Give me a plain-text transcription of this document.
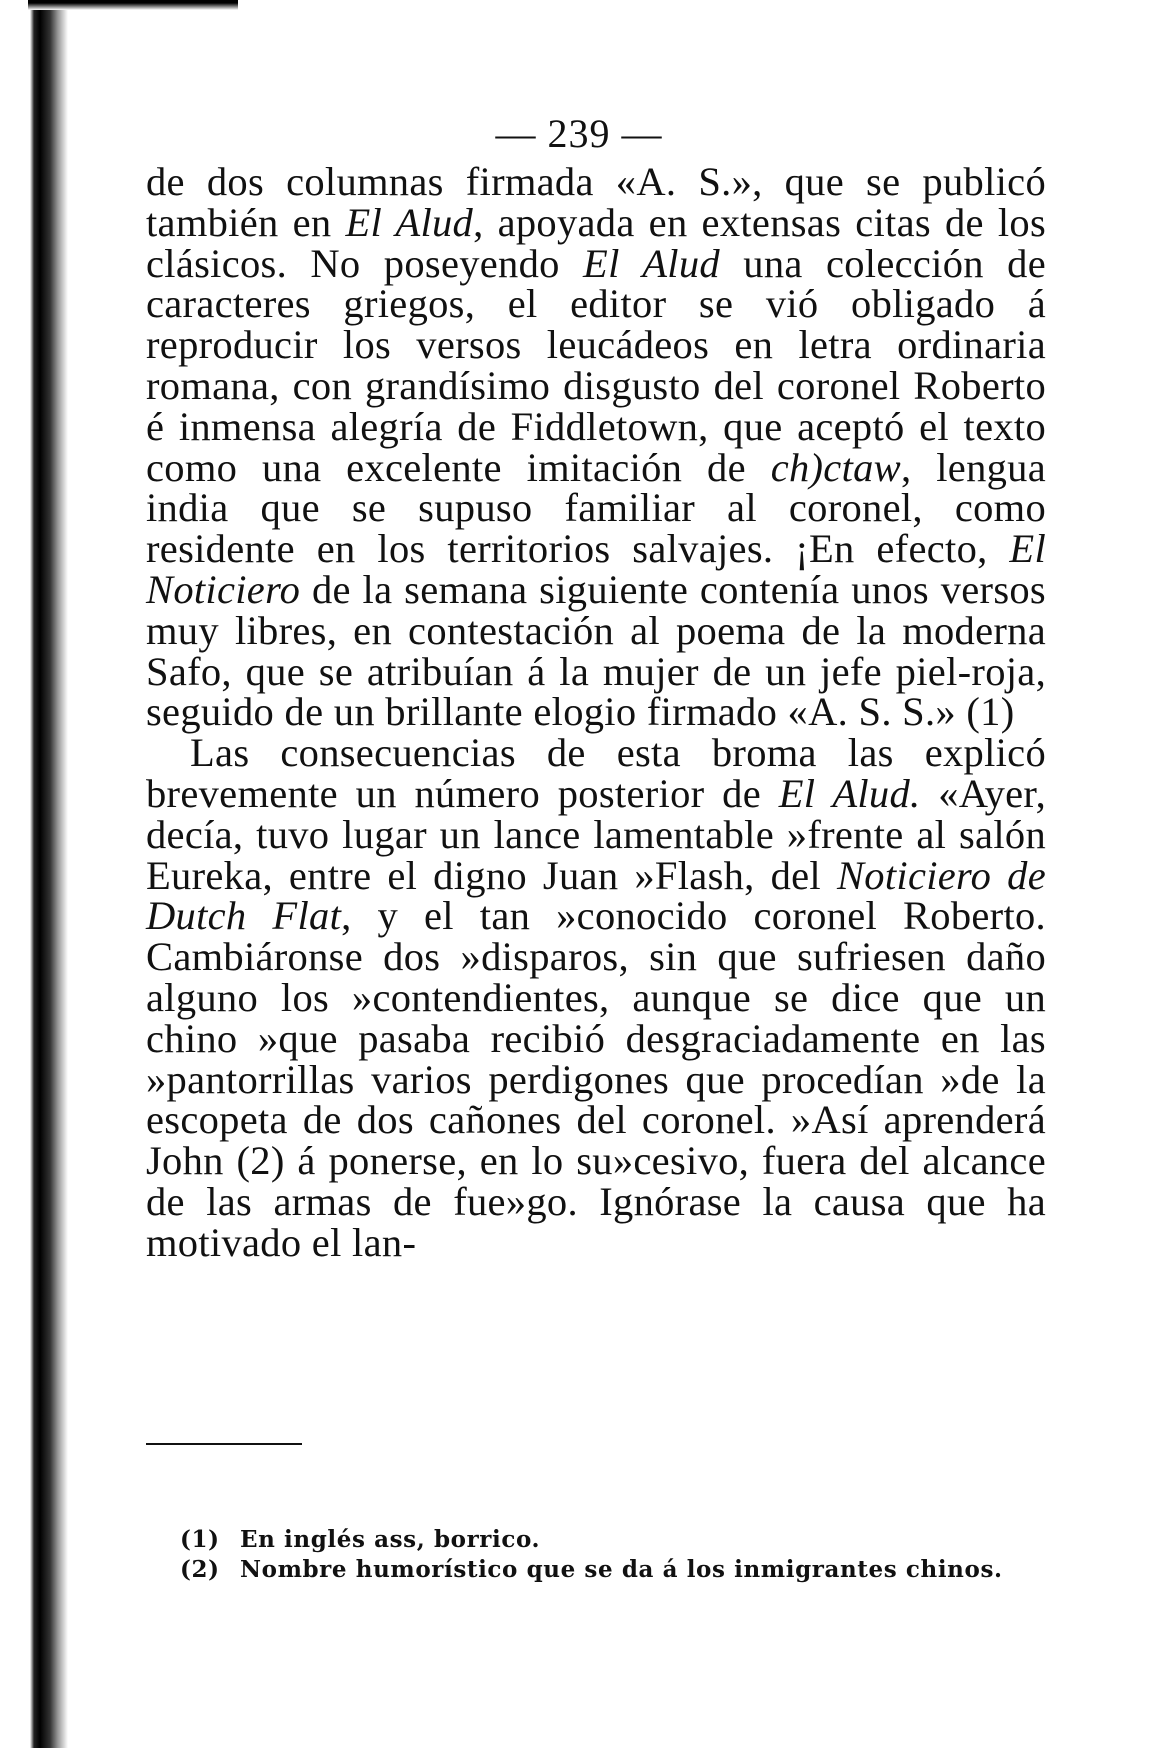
— 239 —

de dos columnas firmada «A. S.», que se publicó también en El Alud, apoyada en extensas citas de los clásicos. No poseyendo El Alud una colección de caracteres griegos, el editor se vió obligado á reproducir los versos leucádeos en letra ordinaria romana, con grandísimo disgusto del coronel Roberto é inmensa alegría de Fiddletown, que aceptó el texto como una excelente imitación de ch)ctaw, lengua india que se supuso familiar al coronel, como residente en los territorios salvajes. ¡En efecto, El Noticiero de la semana siguiente contenía unos versos muy libres, en contestación al poema de la moderna Safo, que se atribuían á la mujer de un jefe piel-roja, seguido de un brillante elogio firmado «A. S. S.» (1)

Las consecuencias de esta broma las explicó brevemente un número posterior de El Alud. «Ayer, decía, tuvo lugar un lance lamentable »frente al salón Eureka, entre el digno Juan »Flash, del Noticiero de Dutch Flat, y el tan »conocido coronel Roberto. Cambiáronse dos »disparos, sin que sufriesen daño alguno los »contendientes, aunque se dice que un chino »que pasaba recibió desgraciadamente en las »pantorrillas varios perdigones que procedían »de la escopeta de dos cañones del coronel. »Así aprenderá John (2) á ponerse, en lo su»cesivo, fuera del alcance de las armas de fue»go. Ignórase la causa que ha motivado el lan-

(1) En inglés ass, borrico.
(2) Nombre humorístico que se da á los inmigrantes chinos.
